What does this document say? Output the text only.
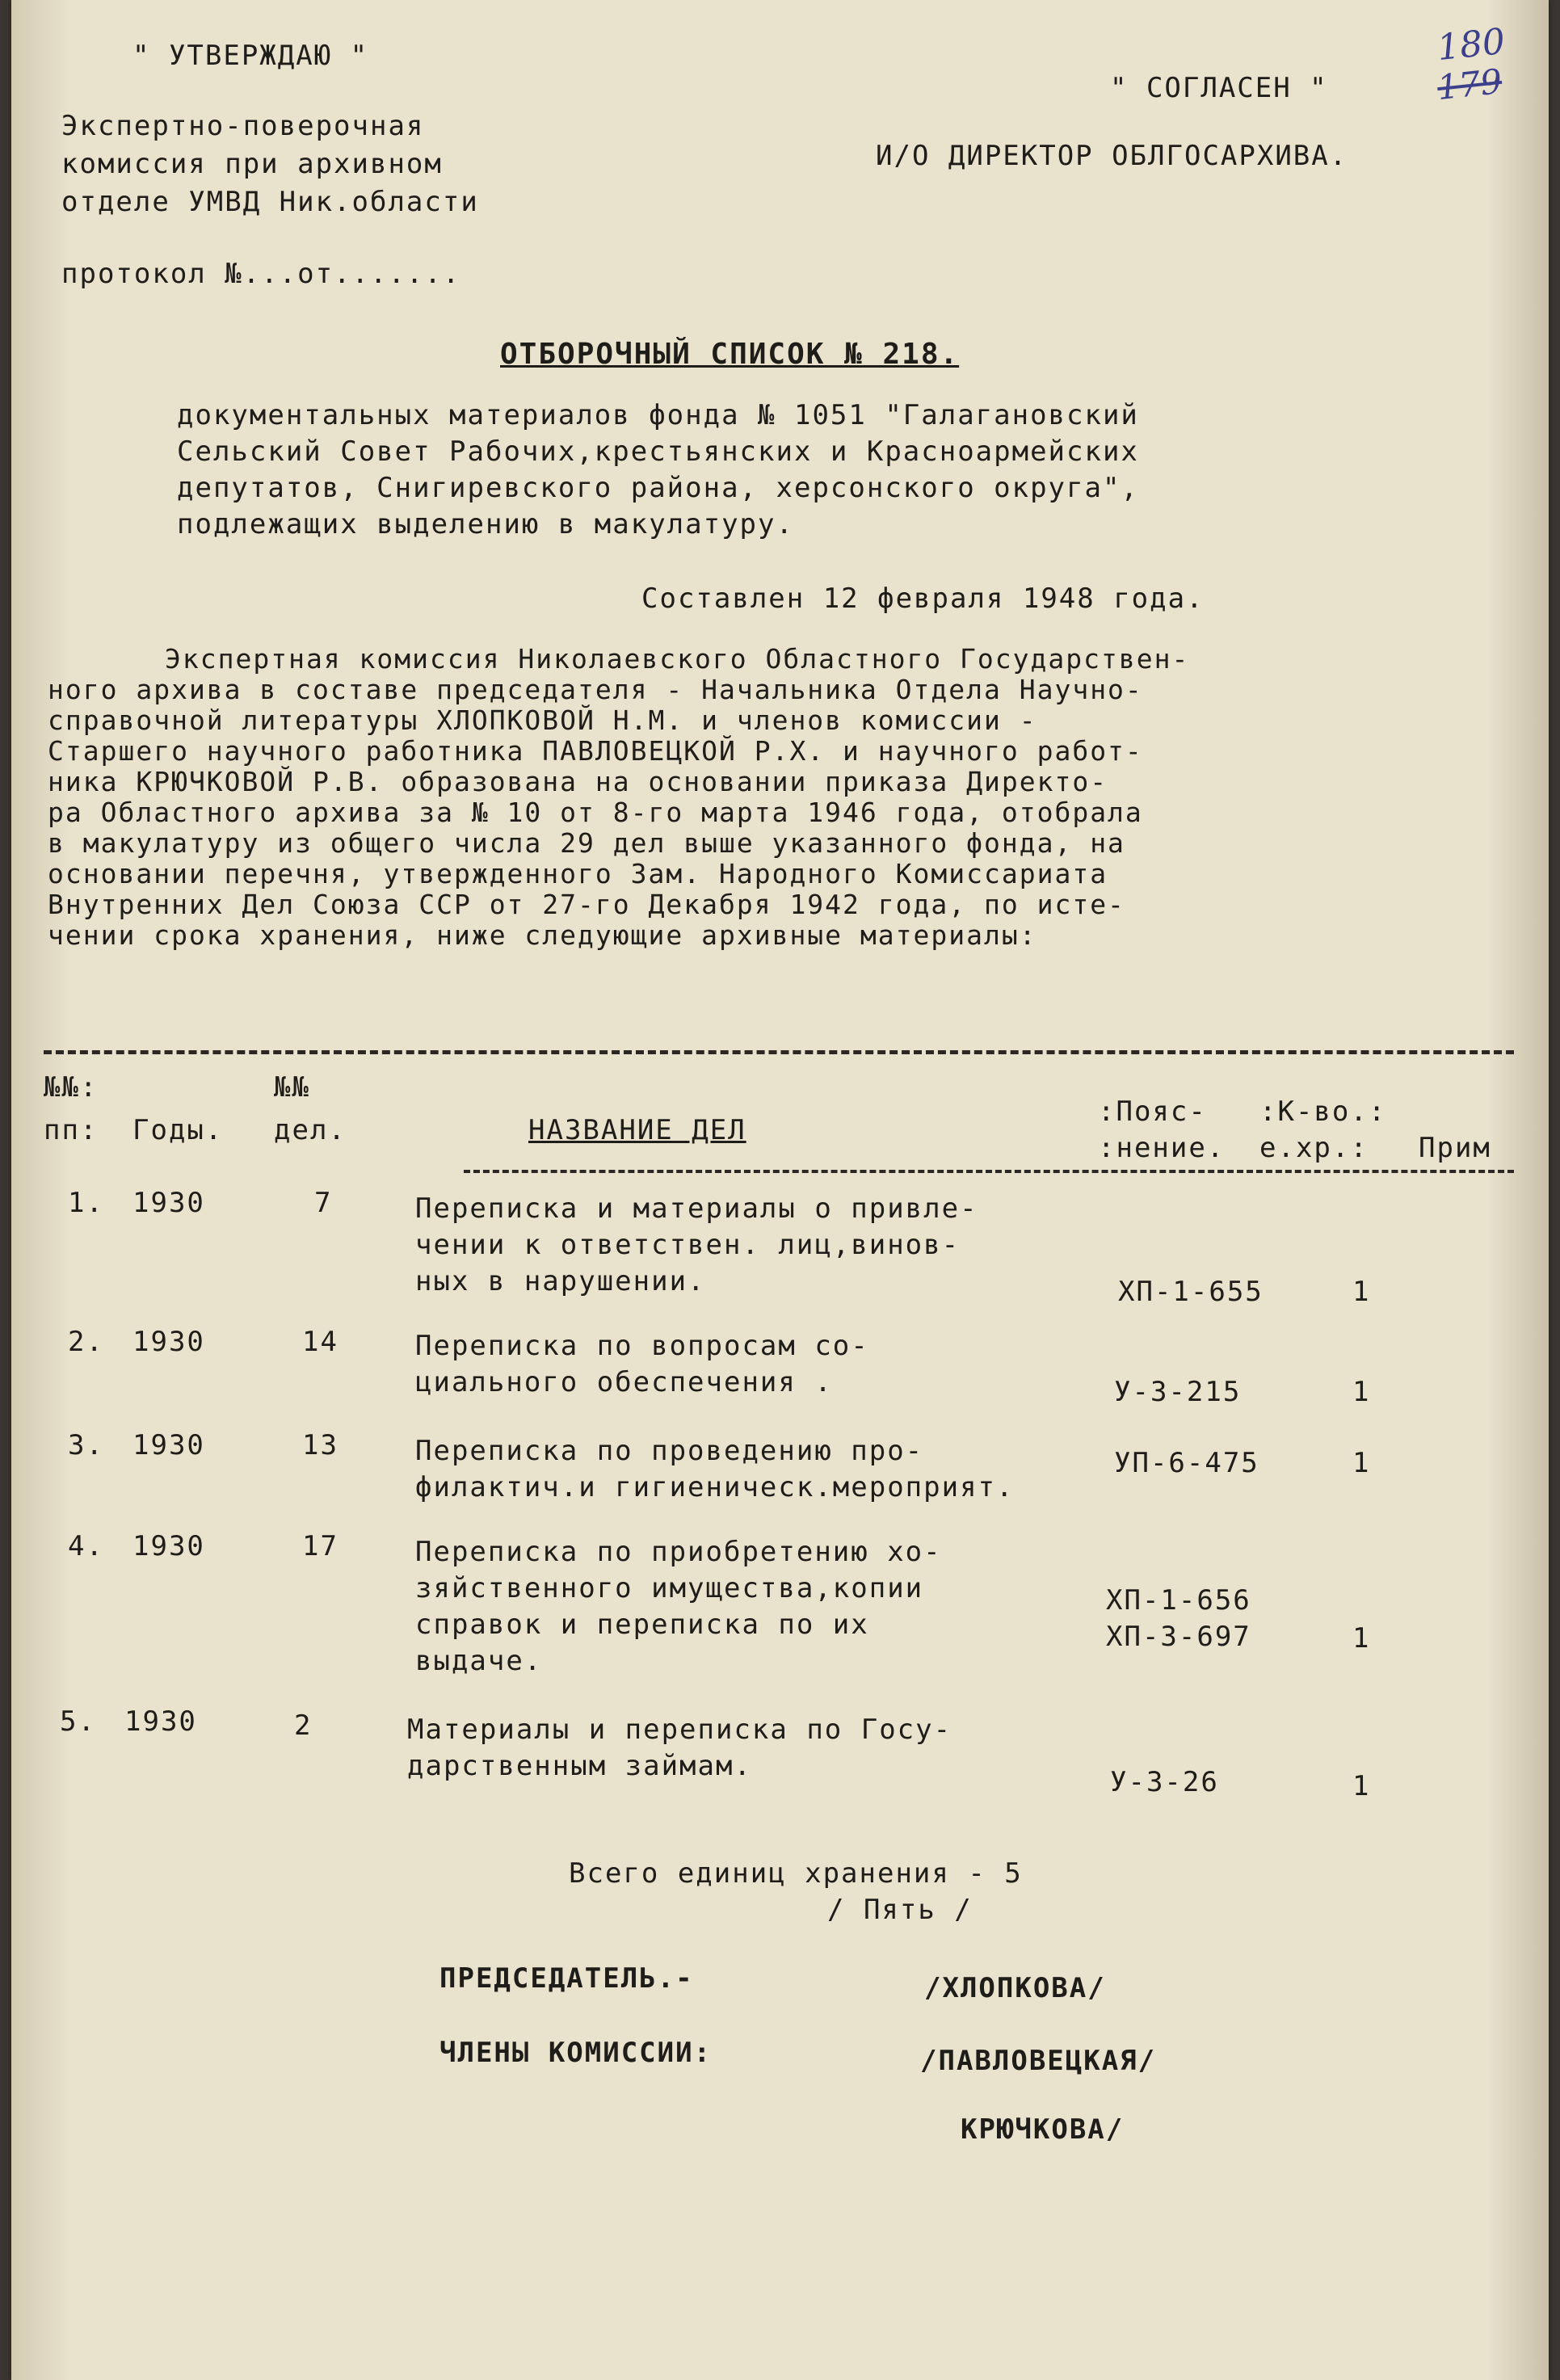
180
179
" УТВЕРЖДАЮ "
Экспертно-поверочная
комиссия при архивном
отделе УМВД Ник.области
протокол №...от.......
" СОГЛАСЕН "
И/О ДИРЕКТОР ОБЛГОСАРХИВА.
ОТБОРОЧНЫЙ СПИСОК № 218.
документальных материалов фонда № 1051 "Галагановский
Сельский Совет Рабочих,крестьянских и Красноармейских
депутатов, Снигиревского района, херсонского округа",
подлежащих выделению в макулатуру.
Составлен 12 февраля 1948 года.
Экспертная комиссия Николаевского Областного Государствен-
ного архива в составе председателя - Начальника Отдела Научно-
справочной литературы ХЛОПКОВОЙ Н.М. и членов комиссии -
Старшего научного работника ПАВЛОВЕЦКОЙ Р.Х. и научного работ-
ника КРЮЧКОВОЙ Р.В. образована на основании приказа Директо-
ра Областного архива за № 10 от 8-го марта 1946 года, отобрала
в макулатуру из общего числа 29 дел выше указанного фонда, на
основании перечня, утвержденного Зам. Народного Комиссариата
Внутренних Дел Союза ССР от 27-го Декабря 1942 года, по исте-
чении срока хранения, ниже следующие архивные материалы:
№№:
пп: Годы.
№№
дел.	НАЗВАНИЕ ДЕЛ
:Пояс-
:нение.
:К-во.:
е.хр.: Прим
1. 1930	7	Переписка и материалы о привле-
чении к ответствен. лиц,винов-
ных в нарушении.	ХП-1-655	1
2. 1930	14	Переписка по вопросам со-
циального обеспечения .	У-3-215	1
3. 1930	13	Переписка по проведению про-
филактич.и гигиеническ.мероприят.
УП-6-475	1
4. 1930	17	Переписка по приобретению хо-
зяйственного имущества,копии
справок и переписка по их
выдаче.
ХП-1-656
ХП-3-697	1
5. 1930	2	Материалы и переписка по Госу-
дарственным займам.	У-3-26	1
Всего единиц хранения - 5
/ Пять /
ПРЕДСЕДАТЕЛЬ.-	/ХЛОПКОВА/
ЧЛЕНЫ КОМИССИИ:	/ПАВЛОВЕЦКАЯ/
КРЮЧКОВА/
